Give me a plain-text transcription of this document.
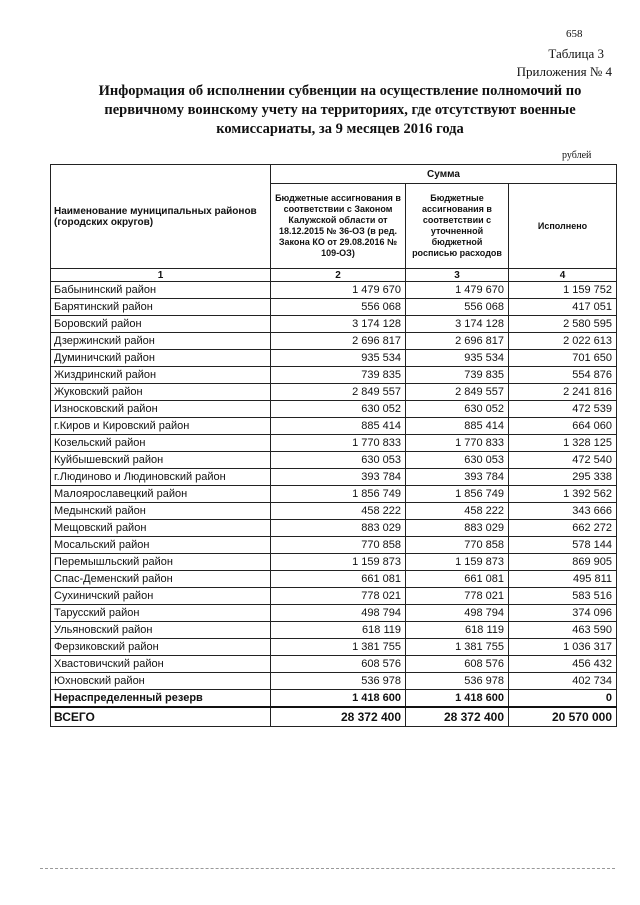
658
Таблица 3
Приложения № 4
Информация об исполнении субвенции на осуществление полномочий по первичному воинскому учету на территориях, где отсутствуют военные комиссариаты, за 9 месяцев 2016 года
рублей
Наименование муниципальных районов (городских округов)	Сумма		
	Бюджетные ассигнования в соответствии с Законом Калужской области от 18.12.2015 № 36-ОЗ (в ред. Закона КО от 29.08.2016 № 109-ОЗ)	Бюджетные ассигнования в соответствии с уточненной бюджетной росписью расходов	Исполнено
1	2	3	4
Бабынинский район	1 479 670	1 479 670	1 159 752
Барятинский район	556 068	556 068	417 051
Боровский район	3 174 128	3 174 128	2 580 595
Дзержинский район	2 696 817	2 696 817	2 022 613
Думиничский район	935 534	935 534	701 650
Жиздринский район	739 835	739 835	554 876
Жуковский район	2 849 557	2 849 557	2 241 816
Износковский район	630 052	630 052	472 539
г.Киров и Кировский район	885 414	885 414	664 060
Козельский район	1 770 833	1 770 833	1 328 125
Куйбышевский район	630 053	630 053	472 540
г.Людиново и Людиновский район	393 784	393 784	295 338
Малоярославецкий район	1 856 749	1 856 749	1 392 562
Медынский район	458 222	458 222	343 666
Мещовский район	883 029	883 029	662 272
Мосальский район	770 858	770 858	578 144
Перемышльский район	1 159 873	1 159 873	869 905
Спас-Деменский район	661 081	661 081	495 811
Сухиничский район	778 021	778 021	583 516
Тарусский район	498 794	498 794	374 096
Ульяновский район	618 119	618 119	463 590
Ферзиковский район	1 381 755	1 381 755	1 036 317
Хвастовичский район	608 576	608 576	456 432
Юхновский район	536 978	536 978	402 734
Нераспределенный резерв	1 418 600	1 418 600	0
ВСЕГО	28 372 400	28 372 400	20 570 000
